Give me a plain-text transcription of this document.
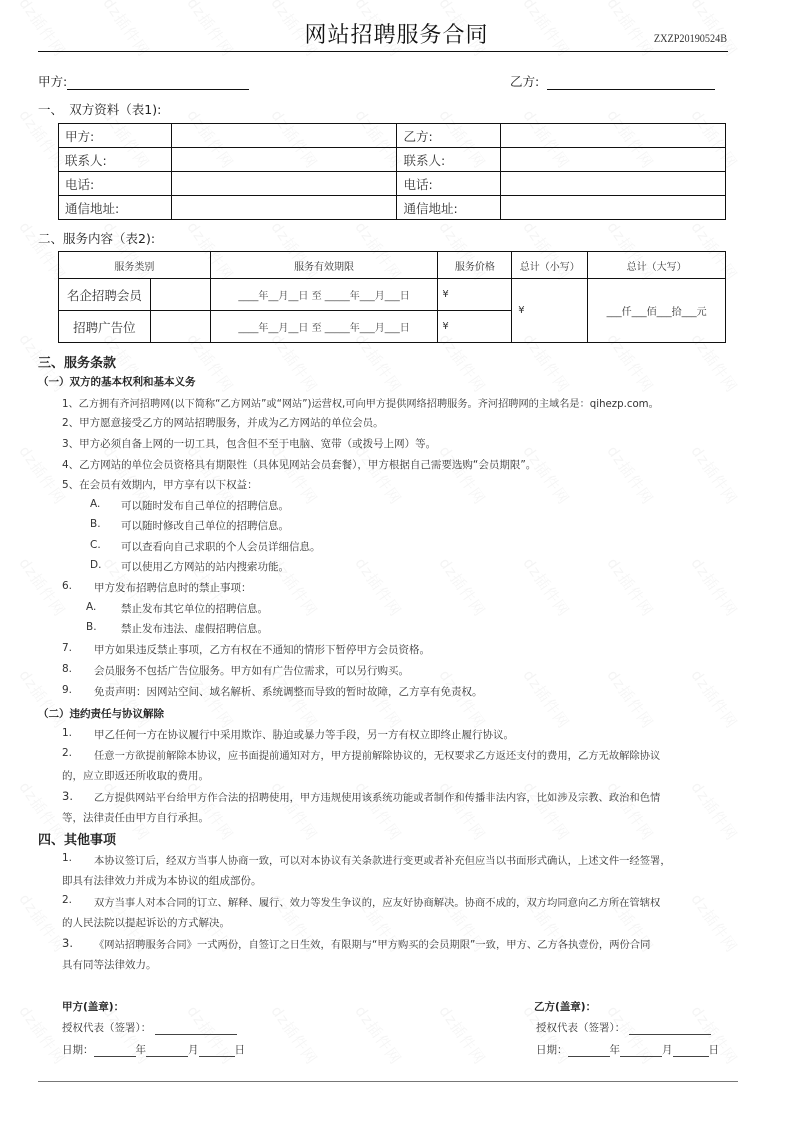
网站招聘服务合同	ZXZP20190524B
甲方:	乙方:
一、　双方资料（表1):
甲方:		乙方:	
联系人:		联系人:	
电话:		电话:	
通信地址:		通信地址:	
二、服务内容（表2):
服务类别		服务有效期限	服务价格	总计（小写）	总计（大写）
名企招聘会员		____年__月__日 至 _____年___月___日	¥	¥	___仟___佰___拾___元
招聘广告位		____年__月__日 至 _____年___月___日	¥		
三、服务条款
（一）双方的基本权利和基本义务
1、乙方拥有齐河招聘网(以下简称“乙方网站”或“网站”)运营权,可向甲方提供网络招聘服务。齐河招聘网的主域名是：qihezp.com。
2、甲方愿意接受乙方的网站招聘服务，并成为乙方网站的单位会员。
3、甲方必须自备上网的一切工具，包含但不至于电脑、宽带（或拨号上网）等。
4、乙方网站的单位会员资格具有期限性（具体见网站会员套餐），甲方根据自己需要选购“会员期限”。
5、在会员有效期内，甲方享有以下权益：
A. 可以随时发布自己单位的招聘信息。
B. 可以随时修改自己单位的招聘信息。
C. 可以查看向自己求职的个人会员详细信息。
D. 可以使用乙方网站的站内搜索功能。
6. 甲方发布招聘信息时的禁止事项：
A. 禁止发布其它单位的招聘信息。
B. 禁止发布违法、虚假招聘信息。
7. 甲方如果违反禁止事项，乙方有权在不通知的情形下暂停甲方会员资格。
8. 会员服务不包括广告位服务。甲方如有广告位需求，可以另行购买。
9. 免责声明：因网站空间、域名解析、系统调整而导致的暂时故障，乙方享有免责权。
（二）违约责任与协议解除
1. 甲乙任何一方在协议履行中采用欺诈、胁迫或暴力等手段，另一方有权立即终止履行协议。
2. 任意一方欲提前解除本协议，应书面提前通知对方，甲方提前解除协议的，无权要求乙方返还支付的费用，乙方无故解除协议
的，应立即返还所收取的费用。
3. 乙方提供网站平台给甲方作合法的招聘使用，甲方违规使用该系统功能或者制作和传播非法内容，比如涉及宗教、政治和色情
等，法律责任由甲方自行承担。
四、其他事项
1. 本协议签订后，经双方当事人协商一致，可以对本协议有关条款进行变更或者补充但应当以书面形式确认，上述文件一经签署，
即具有法律效力并成为本协议的组成部份。
2. 双方当事人对本合同的订立、解释、履行、效力等发生争议的，应友好协商解决。协商不成的，双方均同意向乙方所在管辖权
的人民法院以提起诉讼的方式解决。
3. 《网站招聘服务合同》一式两份，自签订之日生效，有限期与“甲方购买的会员期限”一致，甲方、乙方各执壹份，两份合同
具有同等法律效力。
甲方(盖章)：
授权代表（签署）：
日期：	年	月	日
乙方(盖章)：
授权代表（签署）：
日期：	年	月	日
